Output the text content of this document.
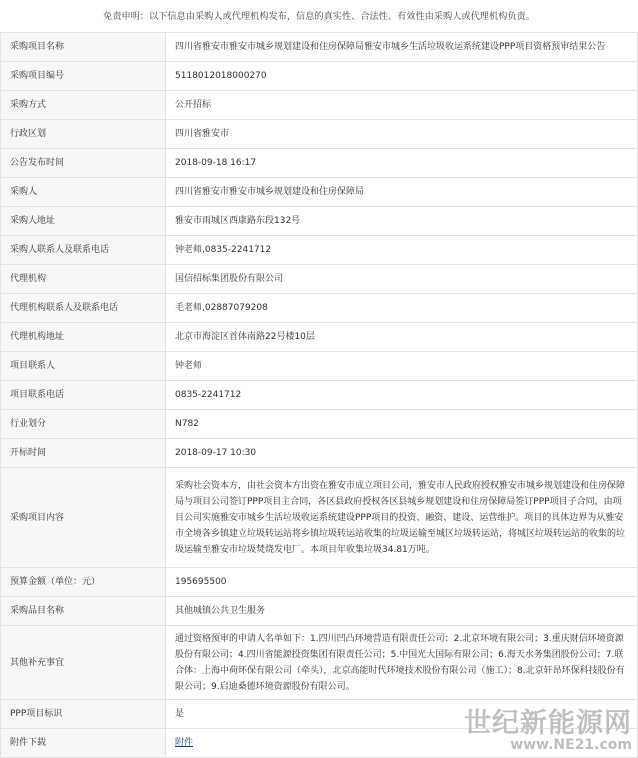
免责申明：以下信息由采购人或代理机构发布，信息的真实性、合法性、有效性由采购人或代理机构负责。
采购项目名称	四川省雅安市雅安市城乡规划建设和住房保障局雅安市城乡生活垃圾收运系统建设PPP项目资格预审结果公告
采购项目编号	5118012018000270
采购方式	公开招标
行政区划	四川省雅安市
公告发布时间	2018-09-18 16:17
采购人	四川省雅安市雅安市城乡规划建设和住房保障局
采购人地址	雅安市雨城区西康路东段132号
采购人联系人及联系电话	钟老师,0835-2241712
代理机构	国信招标集团股份有限公司
代理机构联系人及联系电话	毛老师,02887079208
代理机构地址	北京市海淀区首体南路22号楼10层
项目联系人	钟老师
项目联系电话	0835-2241712
行业划分	N782
开标时间	2018-09-17 10:30
采购项目内容	采购社会资本方，由社会资本方出资在雅安市成立项目公司，雅安市人民政府授权雅安市城乡规划建设和住房保障局与项目公司签订PPP项目主合同，各区县政府授权各区县城乡规划建设和住房保障局签订PPP项目子合同，由项目公司实施雅安市城乡生活垃圾收运系统建设PPP项目的投资、融资、建设、运营维护。项目的具体边界为从雅安市全境各乡镇建立垃圾转运站将乡镇垃圾转运站收集的垃圾运输至城区垃圾转运站，将城区垃圾转运站的收集的垃圾运输至雅安市垃圾焚烧发电厂。本项目年收集垃圾34.81万吨。
预算金额（单位：元）	195695500
采购品目名称	其他城镇公共卫生服务
其他补充事宜	通过资格预审的申请人名单如下：1.四川凹凸环境营造有限责任公司；2.北京环境有限公司；3.重庆财信环境资源股份有限公司；4.四川省能源投资集团有限责任公司；5.中国光大国际有限公司；6.海天水务集团股份公司；7.联合体：上海中荷环保有限公司（牵头），北京高能时代环境技术股份有限公司（施工）；8.北京轩昂环保科技股份有限公司；9.启迪桑德环境资源股份有限公司。
PPP项目标识	是
附件下载	附件
世纪新能源网
www.NE21.com
